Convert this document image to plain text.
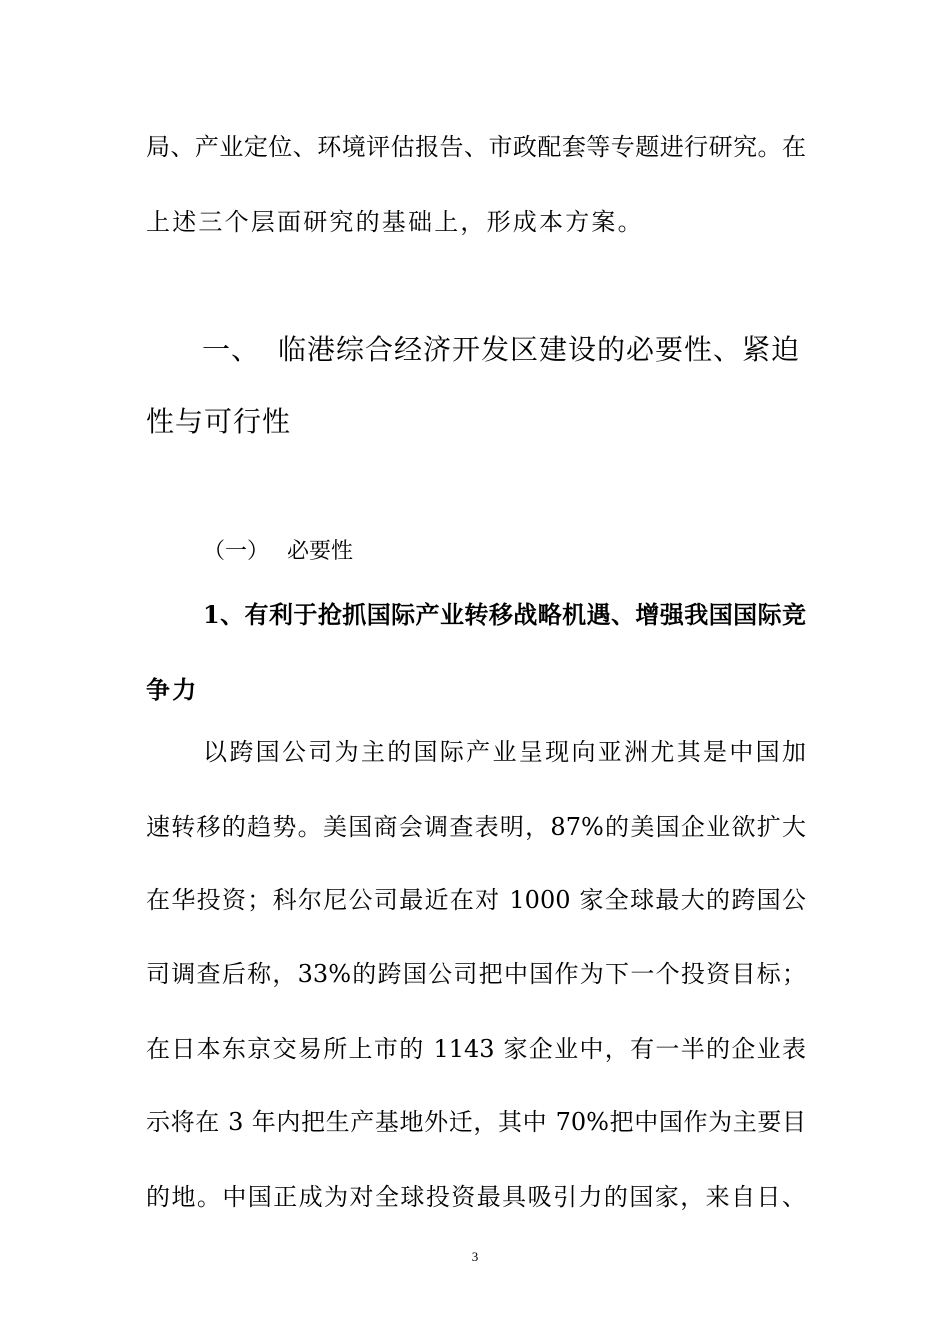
局、产业定位、环境评估报告、市政配套等专题进行研究。在
上述三个层面研究的基础上，形成本方案。
一、 临港综合经济开发区建设的必要性、紧迫
性与可行性
（一） 必要性
1、有利于抢抓国际产业转移战略机遇、增强我国国际竞
争力
以跨国公司为主的国际产业呈现向亚洲尤其是中国加
速转移的趋势。美国商会调查表明，87%的美国企业欲扩大
在华投资；科尔尼公司最近在对 1000 家全球最大的跨国公
司调查后称，33%的跨国公司把中国作为下一个投资目标；
在日本东京交易所上市的 1143 家企业中，有一半的企业表
示将在 3 年内把生产基地外迁，其中 70%把中国作为主要目
的地。中国正成为对全球投资最具吸引力的国家，来自日、
3
